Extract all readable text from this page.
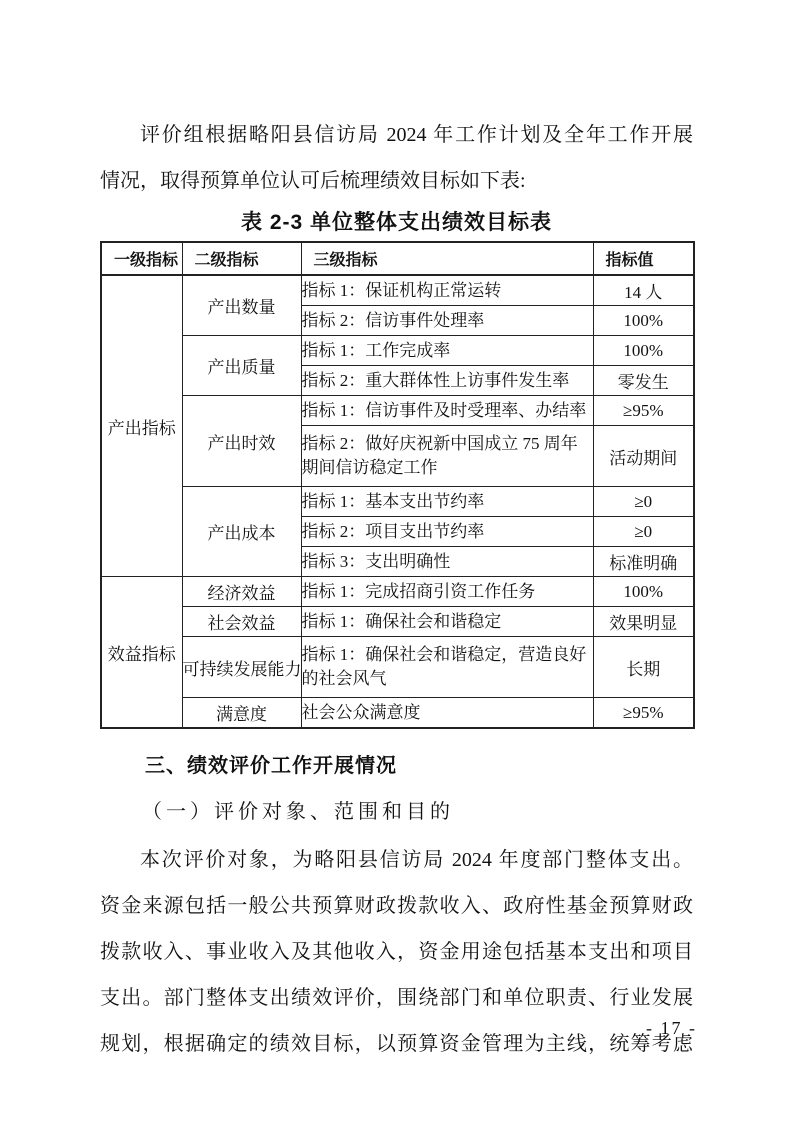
评价组根据略阳县信访局 2024 年工作计划及全年工作开展
情况，取得预算单位认可后梳理绩效目标如下表:
表 2-3 单位整体支出绩效目标表
一级指标	二级指标	三级指标	指标值
产出指标	产出数量	指标 1：保证机构正常运转	14 人
		指标 2：信访事件处理率	100%
	产出质量	指标 1：工作完成率	100%
		指标 2：重大群体性上访事件发生率	零发生
	产出时效	指标 1：信访事件及时受理率、办结率	≥95%
		指标 2：做好庆祝新中国成立 75 周年期间信访稳定工作	活动期间
	产出成本	指标 1：基本支出节约率	≥0
		指标 2：项目支出节约率	≥0
		指标 3：支出明确性	标准明确
效益指标	经济效益	指标 1：完成招商引资工作任务	100%
	社会效益	指标 1：确保社会和谐稳定	效果明显
	可持续发展能力	指标 1：确保社会和谐稳定，营造良好的社会风气	长期
	满意度	社会公众满意度	≥95%
三、绩效评价工作开展情况
（一）评价对象、范围和目的
本次评价对象，为略阳县信访局 2024 年度部门整体支出。
资金来源包括一般公共预算财政拨款收入、政府性基金预算财政
拨款收入、事业收入及其他收入，资金用途包括基本支出和项目
支出。部门整体支出绩效评价，围绕部门和单位职责、行业发展
规划，根据确定的绩效目标，以预算资金管理为主线，统筹考虑
- 17 -
